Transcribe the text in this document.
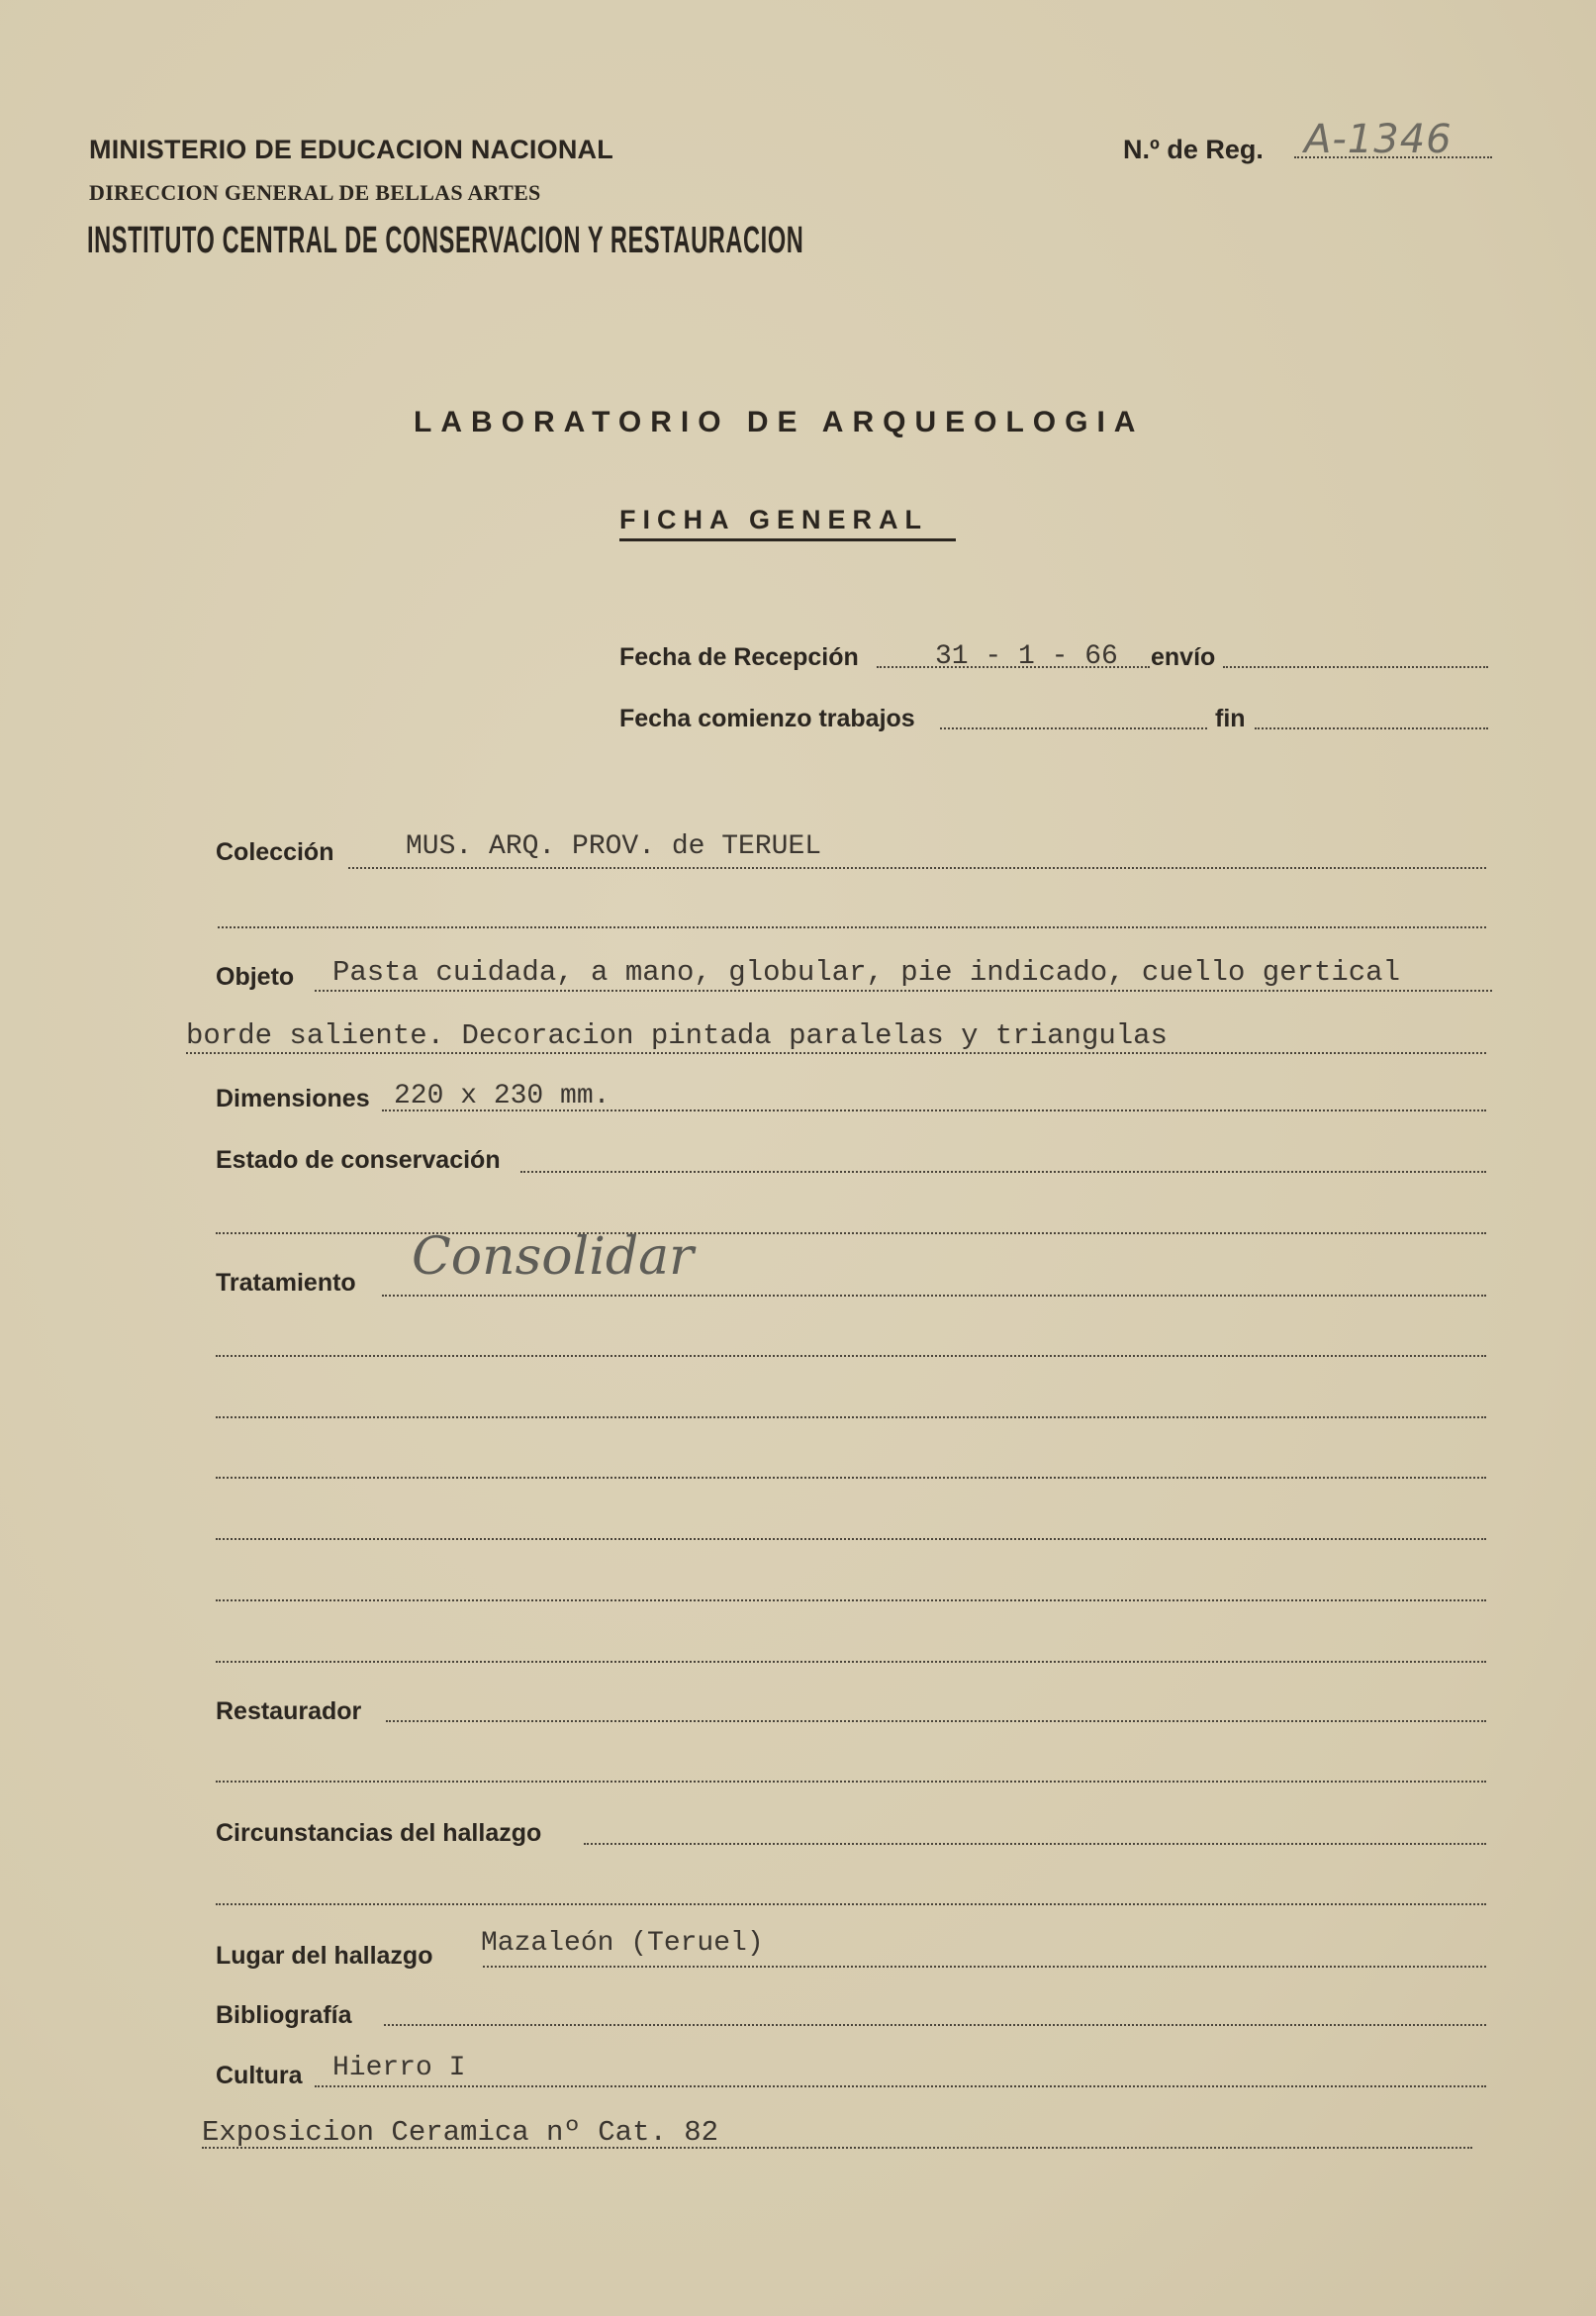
MINISTERIO DE EDUCACION NACIONAL
DIRECCION GENERAL DE BELLAS ARTES
INSTITUTO CENTRAL DE CONSERVACION Y RESTAURACION
N.º de Reg. A-1346
LABORATORIO DE ARQUEOLOGIA
FICHA GENERAL
Fecha de Recepción	31 - 1 - 66 envío
Fecha comienzo trabajos	fin
Colección	MUS. ARQ. PROV. de TERUEL
Objeto Pasta cuidada, a mano, globular, pie indicado, cuello gertical
borde saliente. Decoracion pintada paralelas y triangulas
Dimensiones 220 x 230 mm.
Estado de conservación
Tratamiento Consolidar
Restaurador
Circunstancias del hallazgo
Lugar del hallazgo Mazaleón (Teruel)
Bibliografía
Cultura Hierro I
Exposicion Ceramica nº Cat. 82
